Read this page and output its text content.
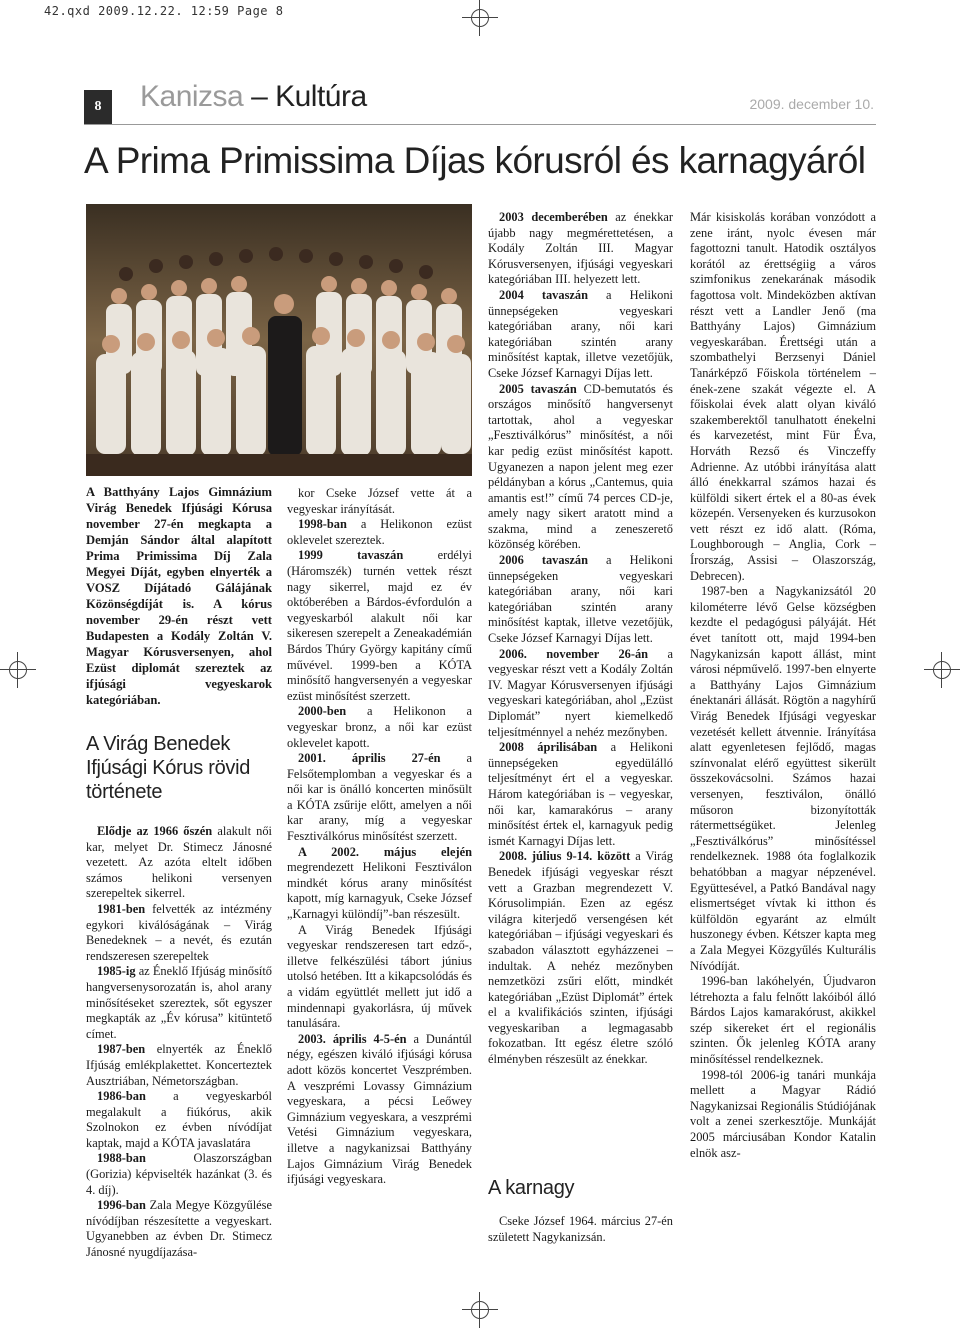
42.qxd 2009.12.22. 12:59 Page 8
8	Kanizsa – Kultúra	2009. december 10.
A Prima Primissima Díjas kórusról és karnagyáról
A Batthyány Lajos Gimnázium Virág Benedek Ifjúsági Kórusa november 27-én megkapta a Demján Sándor által alapított Prima Primissima Díj Zala Megyei Díját, egyben elnyerték a VOSZ Díjátadó Gálájának Közönségdíját is. A kórus november 29-én részt vett Budapesten a Kodály Zoltán V. Magyar Kórusversenyen, ahol Ezüst diplomát szereztek az ifjúsági vegyeskarok kategóriában.
A Virág Benedek Ifjúsági Kórus rövid története

Elődje az 1966 őszén alakult női kar, melyet Dr. Stimecz Jánosné vezetett. Az azóta eltelt időben számos helikoni versenyen szerepeltek sikerrel.

1981-ben felvették az intézmény egykori kiválóságának – Virág Benedeknek – a nevét, és ezután rendszeresen szerepeltek

1985-ig az Éneklő Ifjúság minősítő hangversenysorozatán is, ahol arany minősítéseket szereztek, sőt egyszer megkapták az „Év kórusa” kitüntető címet.

1987-ben elnyerték az Éneklő Ifjúság emlékplakettet. Koncerteztek Ausztriában, Németországban.

1986-ban a vegyeskarból megalakult a fiúkórus, akik Szolnokon ez évben nívódíjat kaptak, majd a KÓTA javaslatára

1988-ban Olaszországban (Gorizia) képviselték hazánkat (3. és 4. díj).

1996-ban Zala Megye Közgyűlése nívódíjban részesítette a vegyeskart. Ugyanebben az évben Dr. Stimecz Jánosné nyugdíjazása-

kor Cseke József vette át a vegyeskar irányítását.

1998-ban a Helikonon ezüst oklevelet szereztek.

1999 tavaszán erdélyi (Háromszék) turnén vettek részt nagy sikerrel, majd ez év októberében a Bárdos-évfordulón a vegyeskarból alakult női kar sikeresen szerepelt a Zeneakadémián Bárdos Thúry György kapitány című művével. 1999-ben a KÓTA minősítő hangversenyén a vegyeskar ezüst minősítést szerzett.

2000-ben a Helikonon a vegyeskar bronz, a női kar ezüst oklevelet kapott.

2001. április 27-én a Felsőtemplomban a vegyeskar és a női kar is önálló koncerten minősült a KÓTA zsűrije előtt, amelyen a női kar arany, míg a vegyeskar Fesztiválkórus minősítést szerzett.

A 2002. május elején megrendezett Helikoni Fesztiválon mindkét kórus arany minősítést kapott, míg karnagyuk, Cseke József „Karnagyi különdíj”-ban részesült.

A Virág Benedek Ifjúsági vegyeskar rendszeresen tart edző-, illetve felkészülési tábort június utolsó hetében. Itt a kikapcsolódás és a vidám együttlét mellett jut idő a mindennapi gyakorlásra, új művek tanulására.

2003. április 4-5-én a Dunántúl négy, egészen kiváló ifjúsági kórusa adott közös koncertet Veszprémben. A veszprémi Lovassy Gimnázium vegyeskara, a pécsi Leőwey Gimnázium vegyeskara, a veszprémi Vetési Gimnázium vegyeskara, illetve a nagykanizsai Batthyány Lajos Gimnázium Virág Benedek ifjúsági vegyeskara.

2003 decemberében az énekkar újabb nagy megmérettetésen, a Kodály Zoltán III. Magyar Kórusversenyen, ifjúsági vegyeskari kategóriában III. helyezett lett.

2004 tavaszán a Helikoni ünnepségeken vegyeskari kategóriában arany, női kari kategóriában szintén arany minősítést kaptak, illetve vezetőjük, Cseke József Karnagyi Díjas lett.

2005 tavaszán CD-bemutatós és országos minősítő hangversenyt tartottak, ahol a vegyeskar „Fesztiválkórus” minősítést, a női kar pedig ezüst minősítést kapott. Ugyanezen a napon jelent meg ezer példányban a kórus „Cantemus, quia amantis est!” című 74 perces CD-je, amely nagy sikert aratott mind a szakma, mind a zeneszerető közönség körében.

2006 tavaszán a Helikoni ünnepségeken vegyeskari kategóriában arany, női kari kategóriában szintén arany minősítést kaptak, illetve vezetőjük, Cseke József Karnagyi Díjas lett.

2006. november 26-án a vegyeskar részt vett a Kodály Zoltán IV. Magyar Kórusversenyen ifjúsági vegyeskari kategóriában, ahol „Ezüst Diplomát” nyert kiemelkedő teljesítménnyel a nehéz mezőnyben.

2008 áprilisában a Helikoni ünnepségeken egyedülálló teljesítményt ért el a vegyeskar. Három kategóriában is – vegyeskar, női kar, kamarakórus – arany minősítést értek el, karnagyuk pedig ismét Karnagyi Díjas lett.

2008. július 9-14. között a Virág Benedek ifjúsági vegyeskar részt vett a Grazban megrendezett V. Kórusolimpián. Ezen az egész világra kiterjedő versengésen két kategóriában – ifjúsági vegyeskari és szabadon választott egyházzenei – indultak. A nehéz mezőnyben nemzetközi zsűri előtt, mindkét kategóriában „Ezüst Diplomát” értek el a kvalifikációs szinten, ifjúsági vegyeskariban a legmagasabb fokozatban. Itt egész életre szóló élményben részesült az énekkar.

A karnagy

Cseke József 1964. március 27-én született Nagykanizsán.

Már kisiskolás korában vonzódott a zene iránt, nyolc évesen már fagottozni tanult. Hatodik osztályos korától az érettségiig a város szimfonikus zenekarának második fagottosa volt. Mindeközben aktívan részt vett a Landler Jenő (ma Batthyány Lajos) Gimnázium vegyeskarában. Érettségi után a szombathelyi Berzsenyi Dániel Tanárképző Főiskola történelem – ének-zene szakát végezte el. A főiskolai évek alatt olyan kiváló szakemberektől tanulhatott énekelni és karvezetést, mint Für Éva, Horváth Rezső és Vinczeffy Adrienne. Az utóbbi irányítása alatt álló énekkarral számos hazai és külföldi sikert értek el a 80-as évek közepén. Versenyeken és kurzusokon vett részt ez idő alatt. (Róma, Loughborough – Anglia, Cork – Írország, Assisi – Olaszország, Debrecen).

1987-ben a Nagykanizsától 20 kilométerre lévő Gelse községben kezdte el pedagógusi pályáját. Hét évet tanított ott, majd 1994-ben Nagykanizsán kapott állást, mint városi népművelő. 1997-ben elnyerte a Batthyány Lajos Gimnázium énektanári állását. Rögtön a nagyhírű Virág Benedek Ifjúsági vegyeskar vezetését kellett átvennie. Irányítása alatt egyenletesen fejlődő, magas színvonalat elérő együttest sikerült összekovácsolni. Számos hazai versenyen, fesztiválon, önálló műsoron bizonyították rátermettségüket. Jelenleg „Fesztiválkórus” minősítéssel rendelkeznek. 1988 óta foglalkozik behatóbban a magyar népzenével. Együttesével, a Patkó Bandával nagy elismertséget vívtak ki itthon és külföldön egyaránt az elmúlt huszonegy évben. Kétszer kapta meg a Zala Megyei Közgyűlés Kulturális Nívódíját.

1996-ban lakóhelyén, Újudvaron létrehozta a falu felnőtt lakóiból álló Bárdos Lajos kamarakórust, akikkel szép sikereket ért el regionális szinten. Ők jelenleg KÓTA arany minősítéssel rendelkeznek.

1998-tól 2006-ig tanári munkája mellett a Magyar Rádió Nagykanizsai Regionális Stúdiójának volt a zenei szerkesztője. Munkáját 2005 márciusában Kondor Katalin elnök asz-
